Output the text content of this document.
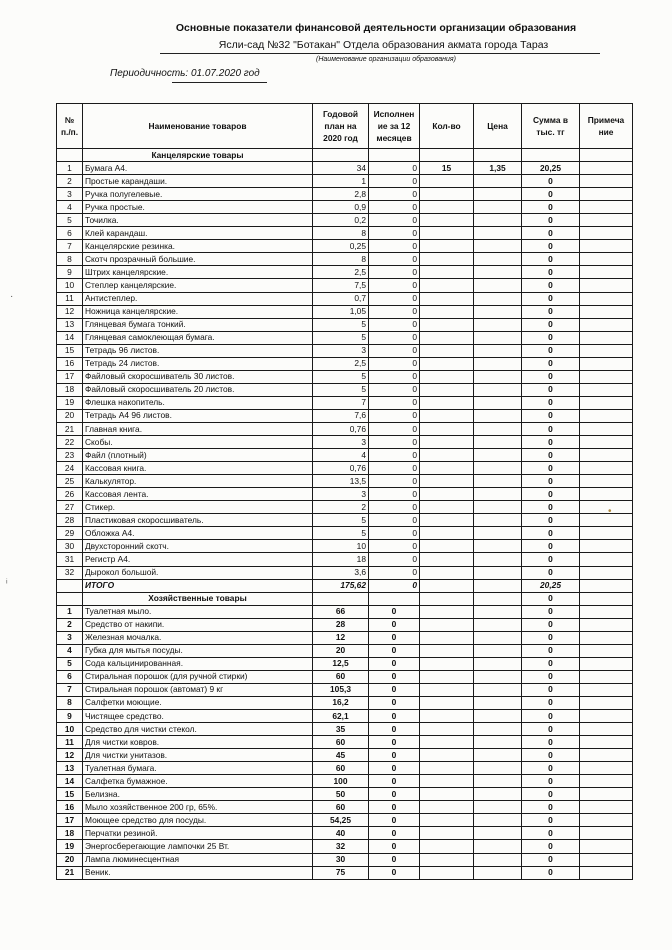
Основные показатели финансовой деятельности организации образования
Ясли-сад №32 "Ботакан" Отдела образования акмата города Тараз
(Наименование организации образования)
Периодичность: 01.07.2020 год
·
ᵢ
•
№ п./п.	Наименование товаров	Годовой план на 2020 год	Исполнен ие за 12 месяцев	Кол-во	Цена	Сумма в тыс. тг	Примеча ние
	Канцелярские товары						
1	Бумага А4.	34	0	15	1,35	20,25	
2	Простые карандаши.	1	0			0	
3	Ручка полугелевые.	2,8	0			0	
4	Ручка простые.	0,9	0			0	
5	Точилка.	0,2	0			0	
6	Клей карандаш.	8	0			0	
7	Канцелярские резинка.	0,25	0			0	
8	Скотч прозрачный большие.	8	0			0	
9	Штрих канцелярские.	2,5	0			0	
10	Степлер канцелярские.	7,5	0			0	
11	Антистеплер.	0,7	0			0	
12	Ножница канцелярские.	1,05	0			0	
13	Глянцевая бумага тонкий.	5	0			0	
14	Глянцевая самоклеющая бумага.	5	0			0	
15	Тетрадь 96 листов.	3	0			0	
16	Тетрадь 24 листов.	2,5	0			0	
17	Файловый скоросшиватель 30 листов.	5	0			0	
18	Файловый скоросшиватель 20 листов.	5	0			0	
19	Флешка накопитель.	7	0			0	
20	Тетрадь А4 96 листов.	7,6	0			0	
21	Главная книга.	0,76	0			0	
22	Скобы.	3	0			0	
23	Файл (плотный)	4	0			0	
24	Кассовая книга.	0,76	0			0	
25	Калькулятор.	13,5	0			0	
26	Кассовая лента.	3	0			0	
27	Стикер.	2	0			0	
28	Пластиковая скоросшиватель.	5	0			0	
29	Обложка А4.	5	0			0	
30	Двухсторонний скотч.	10	0			0	
31	Регистр А4.	18	0			0	
32	Дырокол большой.	3,6	0			0	
	ИТОГО	175,62	0			20,25	
	Хозяйственные товары					0	
1	Туалетная мыло.	66	0			0	
2	Средство от накипи.	28	0			0	
3	Железная мочалка.	12	0			0	
4	Губка для мытья посуды.	20	0			0	
5	Сода кальцинированная.	12,5	0			0	
6	Стиральная порошок (для ручной стирки)	60	0			0	
7	Стиральная порошок (автомат) 9 кг	105,3	0			0	
8	Салфетки моющие.	16,2	0			0	
9	Чистящее средство.	62,1	0			0	
10	Средство для чистки стекол.	35	0			0	
11	Для чистки ковров.	60	0			0	
12	Для чистки унитазов.	45	0			0	
13	Туалетная бумага.	60	0			0	
14	Салфетка бумажное.	100	0			0	
15	Белизна.	50	0			0	
16	Мыло хозяйственное 200 гр, 65%.	60	0			0	
17	Моющее средство для посуды.	54,25	0			0	
18	Перчатки резиной.	40	0			0	
19	Энергосберегающие лампочки 25 Вт.	32	0			0	
20	Лампа люминесцентная	30	0			0	
21	Веник.	75	0			0	
